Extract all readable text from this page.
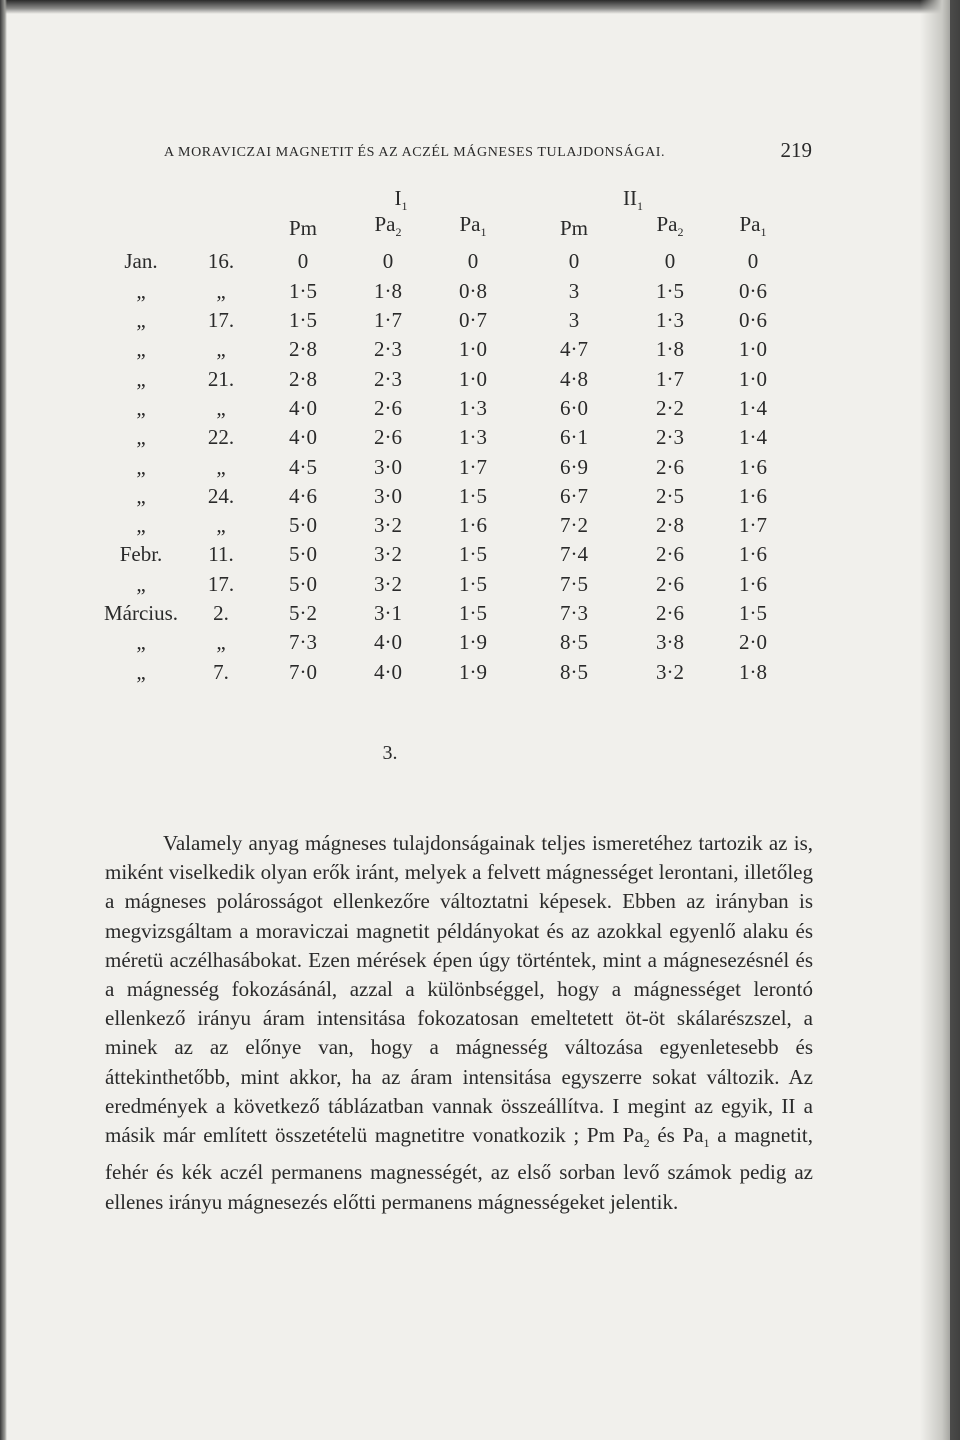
A MORAVICZAI MAGNETIT ÉS AZ ACZÉL MÁGNESES TULAJDONSÁGAI.	219
$I_1$	$II_1$
		Pm	$Pa_2$	$Pa_1$	Pm	$Pa_2$	$Pa_1$
Jan.	16.	0	0	0	0	0	0
„	„	1·5	1·8	0·8	3	1·5	0·6
„	17.	1·5	1·7	0·7	3	1·3	0·6
„	„	2·8	2·3	1·0	4·7	1·8	1·0
„	21.	2·8	2·3	1·0	4·8	1·7	1·0
„	„	4·0	2·6	1·3	6·0	2·2	1·4
„	22.	4·0	2·6	1·3	6·1	2·3	1·4
„	„	4·5	3·0	1·7	6·9	2·6	1·6
„	24.	4·6	3·0	1·5	6·7	2·5	1·6
„	„	5·0	3·2	1·6	7·2	2·8	1·7
Febr.	11.	5·0	3·2	1·5	7·4	2·6	1·6
„	17.	5·0	3·2	1·5	7·5	2·6	1·6
Március.	2.	5·2	3·1	1·5	7·3	2·6	1·5
„	„	7·3	4·0	1·9	8·5	3·8	2·0
„	7.	7·0	4·0	1·9	8·5	3·2	1·8
3.

Valamely anyag mágneses tulajdonságainak teljes ismeretéhez tartozik az is, miként viselkedik olyan erők iránt, melyek a felvett mágnességet lerontani, illetőleg a mágneses polárosságot ellenkezőre változtatni képesek. Ebben az irányban is megvizsgáltam a moraviczai magnetit példányokat és az azokkal egyenlő alaku és méretü aczélhasábokat. Ezen mérések épen úgy történtek, mint a mágnesezésnél és a mágnesség fokozásánál, azzal a különbséggel, hogy a mágnességet lerontó ellenkező irányu áram intensitása fokozatosan emeltetett öt-öt skálarészszel, a minek az az előnye van, hogy a mágnesség változása egyenletesebb és áttekinthetőbb, mint akkor, ha az áram intensitása egyszerre sokat változik. Az eredmények a következő táblázatban vannak összeállítva. I megint az egyik, II a másik már említett összetételü magnetitre vonatkozik ; Pm $Pa_2$ és $Pa_1$ a magnetit, fehér és kék aczél permanens magnességét, az első sorban levő számok pedig az ellenes irányu mágnesezés előtti permanens mágnességeket jelentik.
